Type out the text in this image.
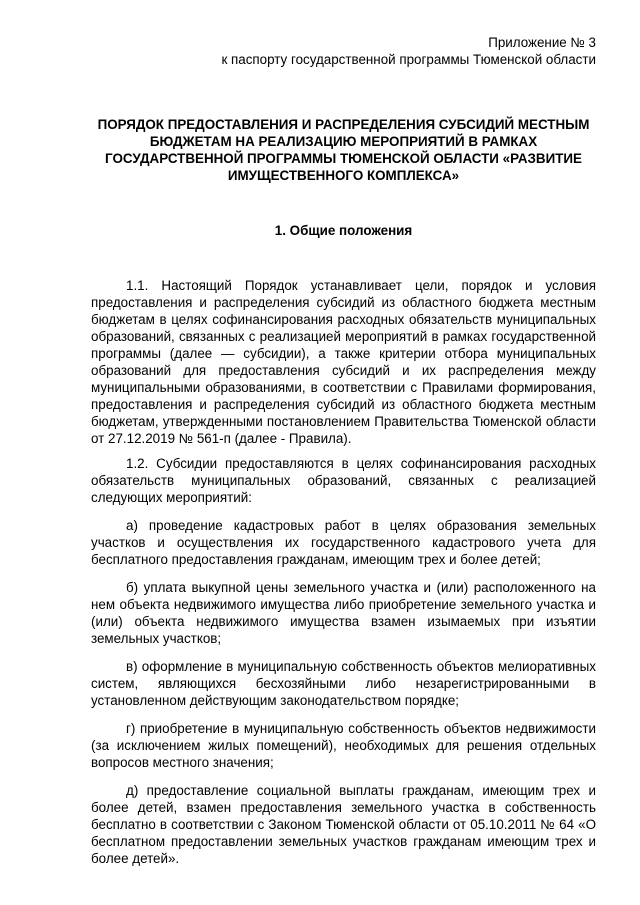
Приложение № 3
к паспорту государственной программы Тюменской области
ПОРЯДОК ПРЕДОСТАВЛЕНИЯ И РАСПРЕДЕЛЕНИЯ СУБСИДИЙ МЕСТНЫМ БЮДЖЕТАМ НА РЕАЛИЗАЦИЮ МЕРОПРИЯТИЙ В РАМКАХ ГОСУДАРСТВЕННОЙ ПРОГРАММЫ ТЮМЕНСКОЙ ОБЛАСТИ «РАЗВИТИЕ ИМУЩЕСТВЕННОГО КОМПЛЕКСА»
1. Общие положения

1.1. Настоящий Порядок устанавливает цели, порядок и условия предоставления и распределения субсидий из областного бюджета местным бюджетам в целях софинансирования расходных обязательств муниципальных образований, связанных с реализацией мероприятий в рамках государственной программы (далее — субсидии), а также критерии отбора муниципальных образований для предоставления субсидий и их распределения между муниципальными образованиями, в соответствии с Правилами формирования, предоставления и распределения субсидий из областного бюджета местным бюджетам, утвержденными постановлением Правительства Тюменской области от 27.12.2019 № 561-п (далее - Правила).

1.2. Субсидии предоставляются в целях софинансирования расходных обязательств муниципальных образований, связанных с реализацией следующих мероприятий:

а) проведение кадастровых работ в целях образования земельных участков и осуществления их государственного кадастрового учета для бесплатного предоставления гражданам, имеющим трех и более детей;

б) уплата выкупной цены земельного участка и (или) расположенного на нем объекта недвижимого имущества либо приобретение земельного участка и (или) объекта недвижимого имущества взамен изымаемых при изъятии земельных участков;

в) оформление в муниципальную собственность объектов мелиоративных систем, являющихся бесхозяйными либо незарегистрированными в установленном действующим законодательством порядке;

г) приобретение в муниципальную собственность объектов недвижимости (за исключением жилых помещений), необходимых для решения отдельных вопросов местного значения;

д) предоставление социальной выплаты гражданам, имеющим трех и более детей, взамен предоставления земельного участка в собственность бесплатно в соответствии с Законом Тюменской области от 05.10.2011 № 64 «О бесплатном предоставлении земельных участков гражданам имеющим трех и более детей».
